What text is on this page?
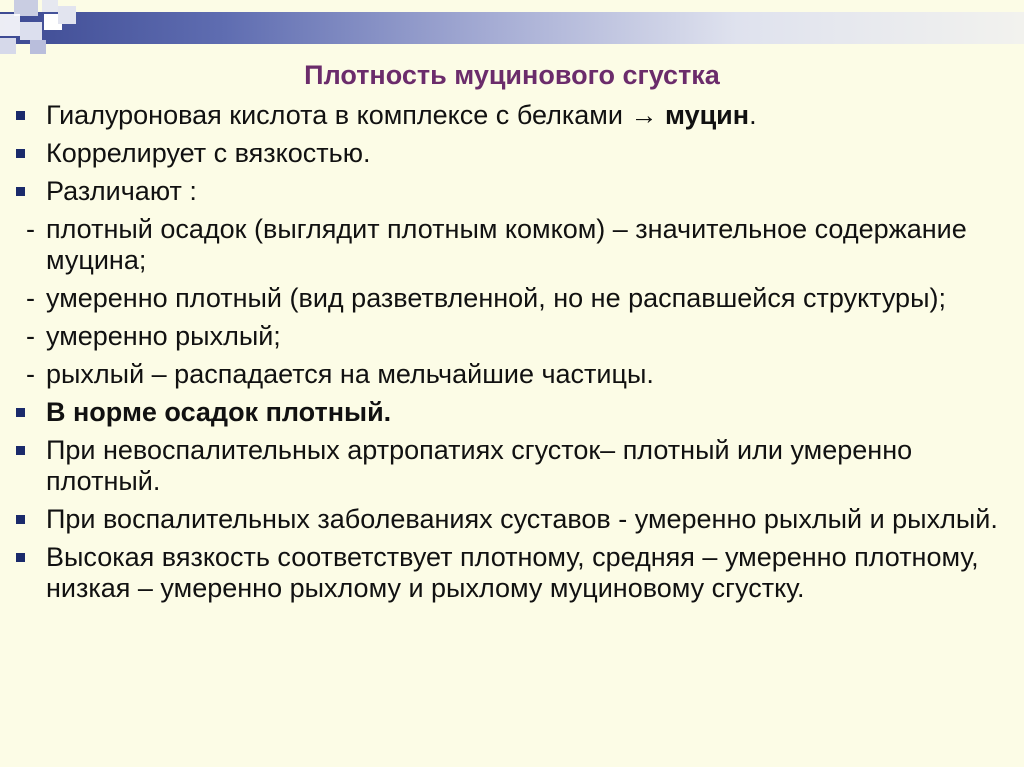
Плотность муцинового сгустка
Гиалуроновая кислота в комплексе с белками → муцин.
Коррелирует с вязкостью.
Различают :
- плотный осадок (выглядит плотным комком) – значительное содержание муцина;
- умеренно плотный (вид разветвленной, но не распавшейся структуры);
- умеренно рыхлый;
- рыхлый – распадается на мельчайшие частицы.
В норме осадок плотный.
При невоспалительных артропатиях сгусток– плотный или умеренно плотный.
При воспалительных заболеваниях суставов - умеренно рыхлый и рыхлый.
Высокая вязкость соответствует плотному, средняя – умеренно плотному, низкая – умеренно рыхлому и рыхлому муциновому сгустку.
